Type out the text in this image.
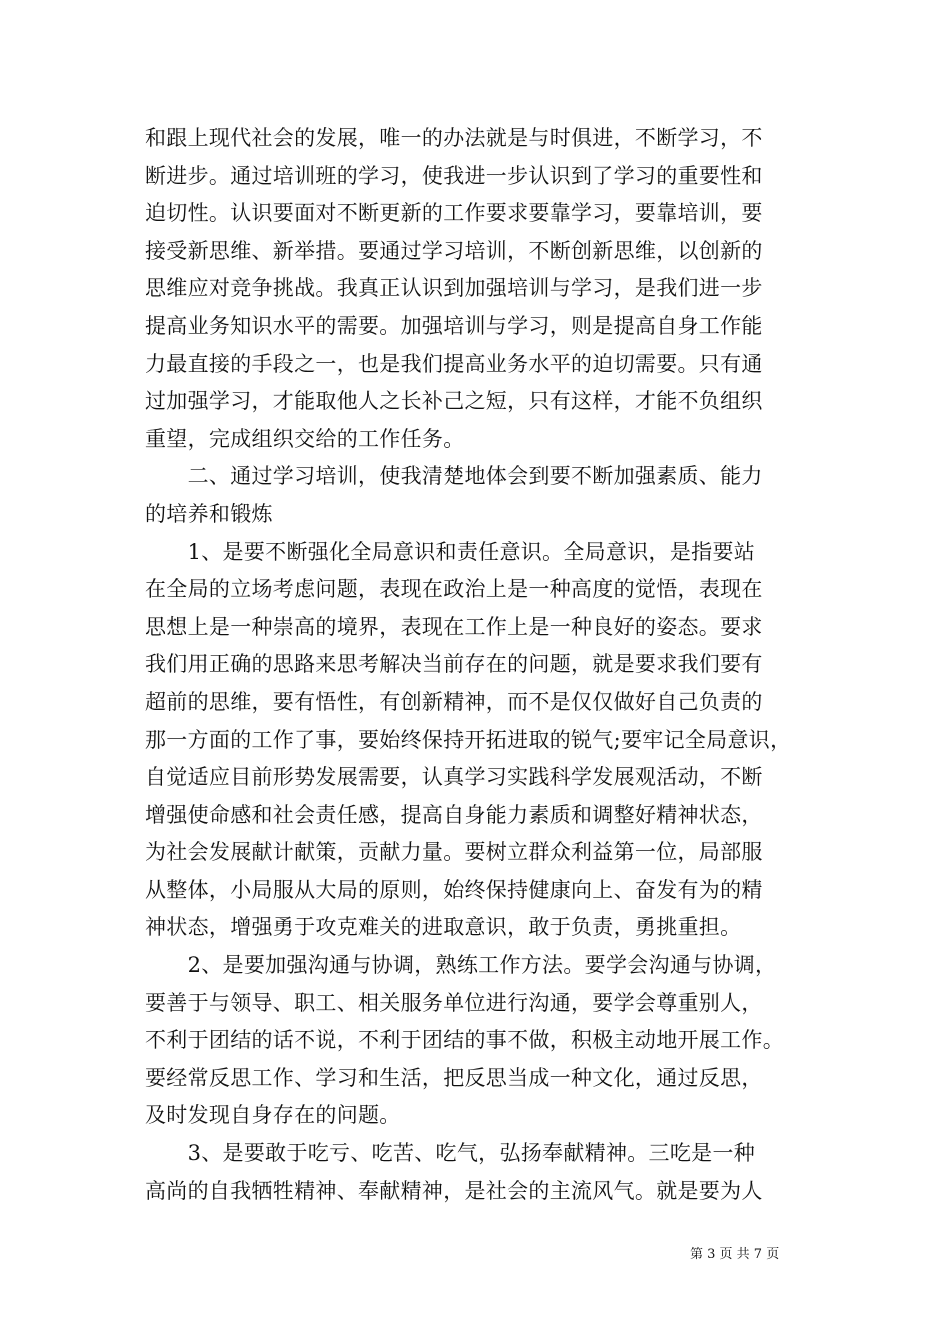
和跟上现代社会的发展，唯一的办法就是与时俱进，不断学习，不
断进步。通过培训班的学习，使我进一步认识到了学习的重要性和
迫切性。认识要面对不断更新的工作要求要靠学习，要靠培训，要
接受新思维、新举措。要通过学习培训，不断创新思维，以创新的
思维应对竞争挑战。我真正认识到加强培训与学习，是我们进一步
提高业务知识水平的需要。加强培训与学习，则是提高自身工作能
力最直接的手段之一，也是我们提高业务水平的迫切需要。只有通
过加强学习，才能取他人之长补己之短，只有这样，才能不负组织
重望，完成组织交给的工作任务。
　　二、通过学习培训，使我清楚地体会到要不断加强素质、能力
的培养和锻炼
　　1、是要不断强化全局意识和责任意识。全局意识，是指要站
在全局的立场考虑问题，表现在政治上是一种高度的觉悟，表现在
思想上是一种崇高的境界，表现在工作上是一种良好的姿态。要求
我们用正确的思路来思考解决当前存在的问题，就是要求我们要有
超前的思维，要有悟性，有创新精神，而不是仅仅做好自己负责的
那一方面的工作了事，要始终保持开拓进取的锐气;要牢记全局意识，
自觉适应目前形势发展需要，认真学习实践科学发展观活动，不断
增强使命感和社会责任感，提高自身能力素质和调整好精神状态，
为社会发展献计献策，贡献力量。要树立群众利益第一位，局部服
从整体，小局服从大局的原则，始终保持健康向上、奋发有为的精
神状态，增强勇于攻克难关的进取意识，敢于负责，勇挑重担。
　　2、是要加强沟通与协调，熟练工作方法。要学会沟通与协调，
要善于与领导、职工、相关服务单位进行沟通，要学会尊重别人，
不利于团结的话不说，不利于团结的事不做，积极主动地开展工作。
要经常反思工作、学习和生活，把反思当成一种文化，通过反思，
及时发现自身存在的问题。
　　3、是要敢于吃亏、吃苦、吃气，弘扬奉献精神。三吃是一种
高尚的自我牺牲精神、奉献精神，是社会的主流风气。就是要为人
第 3 页 共 7 页
